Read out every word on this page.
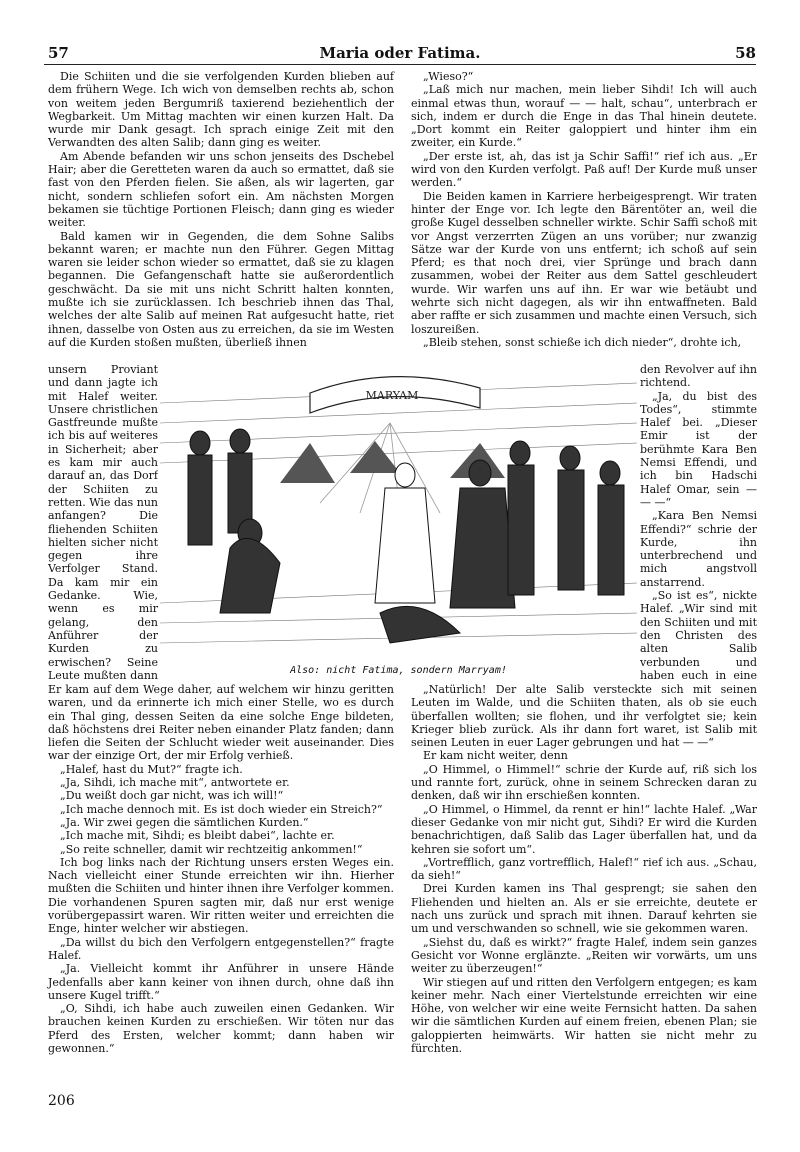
57	Maria oder Fatima.	58

Die Schiiten und die sie verfolgenden Kurden blieben auf dem frühern Wege. Ich wich von demselben rechts ab, schon von weitem jeden Bergumriß taxierend beziehentlich der Wegbarkeit. Um Mittag machten wir einen kurzen Halt. Da wurde mir Dank gesagt. Ich sprach einige Zeit mit den Verwandten des alten Salib; dann ging es weiter.

Am Abende befanden wir uns schon jenseits des Dschebel Hair; aber die Geretteten waren da auch so ermattet, daß sie fast von den Pferden fielen. Sie aßen, als wir lagerten, gar nicht, sondern schliefen sofort ein. Am nächsten Morgen bekamen sie tüchtige Portionen Fleisch; dann ging es wieder weiter.

Bald kamen wir in Gegenden, die dem Sohne Salibs bekannt waren; er machte nun den Führer. Gegen Mittag waren sie leider schon wieder so ermattet, daß sie zu klagen begannen. Die Gefangenschaft hatte sie außerordentlich geschwächt. Da sie mit uns nicht Schritt halten konnten, mußte ich sie zurücklassen. Ich beschrieb ihnen das Thal, welches der alte Salib auf meinen Rat aufgesucht hatte, riet ihnen, dasselbe von Osten aus zu erreichen, da sie im Westen auf die Kurden stoßen mußten, überließ ihnen

unsern Proviant und dann jagte ich mit Halef weiter. Unsere christlichen Gastfreunde mußte ich bis auf weiteres in Sicherheit; aber es kam mir auch darauf an, das Dorf der Schiiten zu retten. Wie das nun anfangen? Die fliehenden Schiiten hielten sicher nicht gegen ihre Verfolger Stand. Da kam mir ein Gedanke. Wie, wenn es mir gelang, den Anführer der Kurden zu erwischen? Seine Leute mußten dann

MARYAM
Also: nicht Fatima, sondern Marryam!

Er kam auf dem Wege daher, auf welchem wir hinzu geritten waren, und da erinnerte ich mich einer Stelle, wo es durch ein Thal ging, dessen Seiten da eine solche Enge bildeten, daß höchstens drei Reiter neben einander Platz fanden; dann liefen die Seiten der Schlucht wieder weit auseinander. Dies war der einzige Ort, der mir Erfolg verhieß.

„Halef, hast du Mut?“ fragte ich.

„Ja, Sihdi, ich mache mit“, antwortete er.

„Du weißt doch gar nicht, was ich will!“

„Ich mache dennoch mit. Es ist doch wieder ein Streich?“

„Ja. Wir zwei gegen die sämtlichen Kurden.“

„Ich mache mit, Sihdi; es bleibt dabei“, lachte er.

„So reite schneller, damit wir rechtzeitig ankommen!“

Ich bog links nach der Richtung unsers ersten Weges ein. Nach vielleicht einer Stunde erreichten wir ihn. Hierher mußten die Schiiten und hinter ihnen ihre Verfolger kommen. Die vorhandenen Spuren sagten mir, daß nur erst wenige vorübergepassirt waren. Wir ritten weiter und erreichten die Enge, hinter welcher wir abstiegen.

„Da willst du bich den Verfolgern entgegenstellen?“ fragte Halef.

„Ja. Vielleicht kommt ihr Anführer in unsere Hände Jedenfalls aber kann keiner von ihnen durch, ohne daß ihn unsere Kugel trifft.“

„O, Sihdi, ich habe auch zuweilen einen Gedanken. Wir brauchen keinen Kurden zu erschießen. Wir töten nur das Pferd des Ersten, welcher kommt; dann haben wir gewonnen.“

„Wieso?“

„Laß mich nur machen, mein lieber Sihdi! Ich will auch einmal etwas thun, worauf — — halt, schau“, unterbrach er sich, indem er durch die Enge in das Thal hinein deutete. „Dort kommt ein Reiter galoppiert und hinter ihm ein zweiter, ein Kurde.“

„Der erste ist, ah, das ist ja Schir Saffi!“ rief ich aus. „Er wird von den Kurden verfolgt. Paß auf! Der Kurde muß unser werden.“

Die Beiden kamen in Karriere herbeigesprengt. Wir traten hinter der Enge vor. Ich legte den Bärentöter an, weil die große Kugel desselben schneller wirkte. Schir Saffi schoß mit vor Angst verzerrten Zügen an uns vorüber; nur zwanzig Sätze war der Kurde von uns entfernt; ich schoß auf sein Pferd; es that noch drei, vier Sprünge und brach dann zusammen, wobei der Reiter aus dem Sattel geschleudert wurde. Wir warfen uns auf ihn. Er war wie betäubt und wehrte sich nicht dagegen, als wir ihn entwaffneten. Bald aber raffte er sich zusammen und machte einen Versuch, sich loszureißen.

„Bleib stehen, sonst schieße ich dich nieder“, drohte ich,

den Revolver auf ihn richtend.

„Ja, du bist des Todes“, stimmte Halef bei. „Dieser Emir ist der berühmte Kara Ben Nemsi Effendi, und ich bin Hadschi Halef Omar, sein — — —“

„Kara Ben Nemsi Effendi?“ schrie der Kurde, ihn unterbrechend und mich angstvoll anstarrend.

„So ist es“, nickte Halef. „Wir sind mit den Schiiten und mit den Christen des alten Salib verbunden und haben euch in eine

„Natürlich! Der alte Salib versteckte sich mit seinen Leuten im Walde, und die Schiiten thaten, als ob sie euch überfallen wollten; sie flohen, und ihr verfolgtet sie; kein Krieger blieb zurück. Als ihr dann fort waret, ist Salib mit seinen Leuten in euer Lager gebrungen und hat — —“

Er kam nicht weiter, denn

„O Himmel, o Himmel!“ schrie der Kurde auf, riß sich los und rannte fort, zurück, ohne in seinem Schrecken daran zu denken, daß wir ihn erschießen konnten.

„O Himmel, o Himmel, da rennt er hin!“ lachte Halef. „War dieser Gedanke von mir nicht gut, Sihdi? Er wird die Kurden benachrichtigen, daß Salib das Lager überfallen hat, und da kehren sie sofort um“.

„Vortrefflich, ganz vortrefflich, Halef!“ rief ich aus. „Schau, da sieh!“

Drei Kurden kamen ins Thal gesprengt; sie sahen den Fliehenden und hielten an. Als er sie erreichte, deutete er nach uns zurück und sprach mit ihnen. Darauf kehrten sie um und verschwanden so schnell, wie sie gekommen waren.

„Siehst du, daß es wirkt?“ fragte Halef, indem sein ganzes Gesicht vor Wonne erglänzte. „Reiten wir vorwärts, um uns weiter zu überzeugen!“

Wir stiegen auf und ritten den Verfolgern entgegen; es kam keiner mehr. Nach einer Viertelstunde erreichten wir eine Höhe, von welcher wir eine weite Fernsicht hatten. Da sahen wir die sämtlichen Kurden auf einem freien, ebenen Plan; sie galoppierten heimwärts. Wir hatten sie nicht mehr zu fürchten.

206
